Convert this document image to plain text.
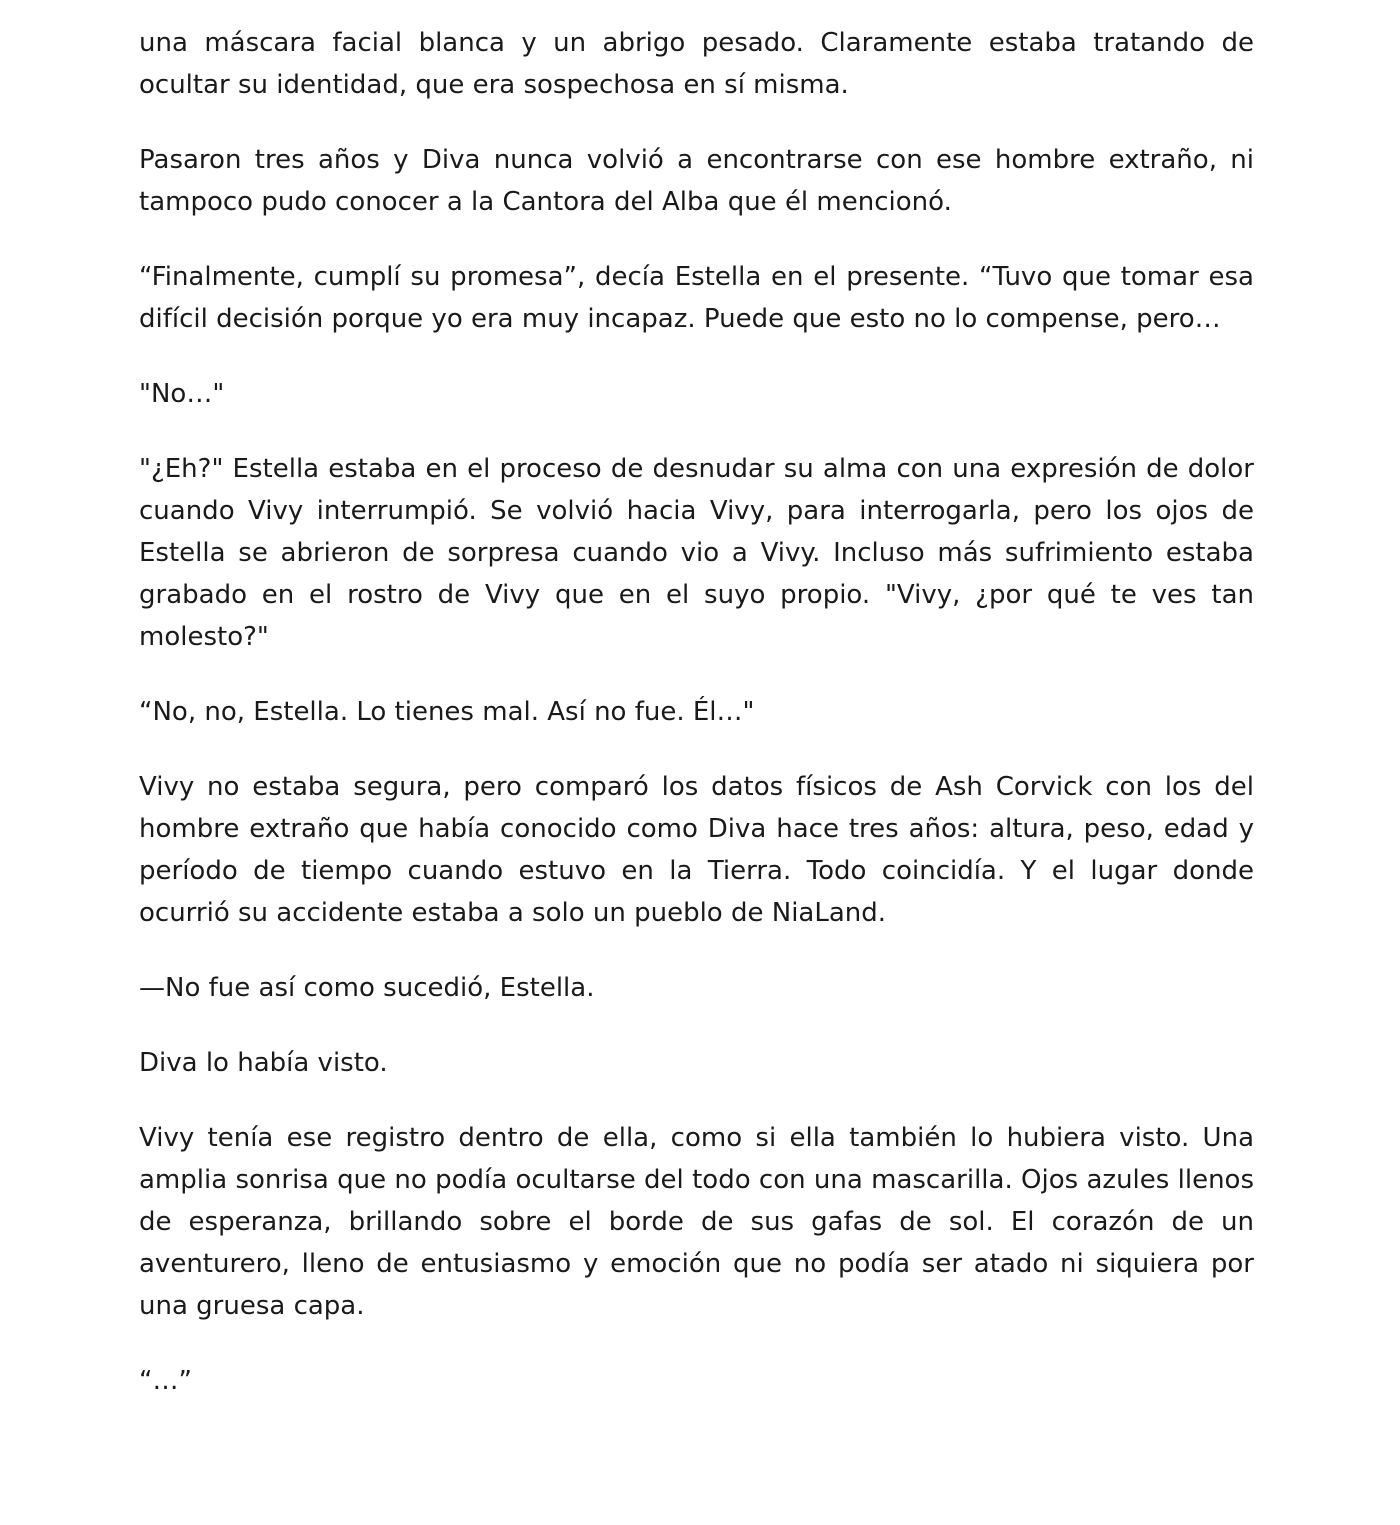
una máscara facial blanca y un abrigo pesado. Claramente estaba tratando de ocultar su identidad, que era sospechosa en sí misma.

Pasaron tres años y Diva nunca volvió a encontrarse con ese hombre extraño, ni tampoco pudo conocer a la Cantora del Alba que él mencionó.

“Finalmente, cumplí su promesa”, decía Estella en el presente. “Tuvo que tomar esa difícil decisión porque yo era muy incapaz. Puede que esto no lo compense, pero…

"No…"

"¿Eh?" Estella estaba en el proceso de desnudar su alma con una expresión de dolor cuando Vivy interrumpió. Se volvió hacia Vivy, para interrogarla, pero los ojos de Estella se abrieron de sorpresa cuando vio a Vivy. Incluso más sufrimiento estaba grabado en el rostro de Vivy que en el suyo propio. "Vivy, ¿por qué te ves tan molesto?"

“No, no, Estella. Lo tienes mal. Así no fue. Él…"

Vivy no estaba segura, pero comparó los datos físicos de Ash Corvick con los del hombre extraño que había conocido como Diva hace tres años: altura, peso, edad y período de tiempo cuando estuvo en la Tierra. Todo coincidía. Y el lugar donde ocurrió su accidente estaba a solo un pueblo de NiaLand.

—No fue así como sucedió, Estella.

Diva lo había visto.

Vivy tenía ese registro dentro de ella, como si ella también lo hubiera visto. Una amplia sonrisa que no podía ocultarse del todo con una mascarilla. Ojos azules llenos de esperanza, brillando sobre el borde de sus gafas de sol. El corazón de un aventurero, lleno de entusiasmo y emoción que no podía ser atado ni siquiera por una gruesa capa.

“…”
